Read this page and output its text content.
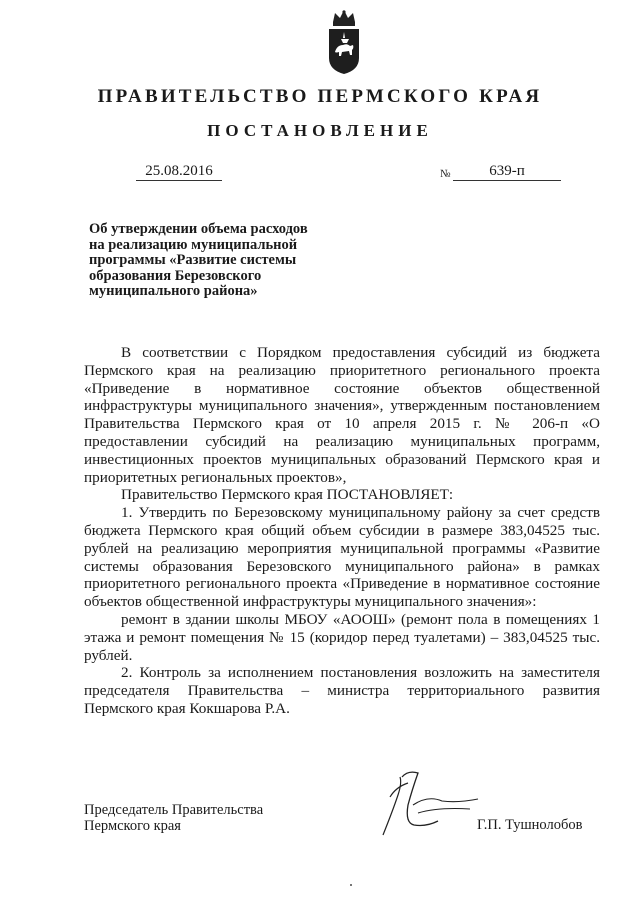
ПРАВИТЕЛЬСТВО ПЕРМСКОГО КРАЯ
ПОСТАНОВЛЕНИЕ
25.08.2016	№	639-п
Об утверждении объема расходов
на реализацию муниципальной
программы «Развитие системы
образования Березовского
муниципального района»

В соответствии с Порядком предоставления субсидий из бюджета Пермского края на реализацию приоритетного регионального проекта «Приведение в нормативное состояние объектов общественной инфраструктуры муниципального значения», утвержденным постановлением Правительства Пермского края от 10 апреля 2015 г. № 206-п «О предоставлении субсидий на реализацию муниципальных программ, инвестиционных проектов муниципальных образований Пермского края и приоритетных региональных проектов»,

Правительство Пермского края ПОСТАНОВЛЯЕТ:

1. Утвердить по Березовскому муниципальному району за счет средств бюджета Пермского края общий объем субсидии в размере 383,04525 тыс. рублей на реализацию мероприятия муниципальной программы «Развитие системы образования Березовского муниципального района» в рамках приоритетного регионального проекта «Приведение в нормативное состояние объектов общественной инфраструктуры муниципального значения»:

ремонт в здании школы МБОУ «АООШ» (ремонт пола в помещениях 1 этажа и ремонт помещения № 15 (коридор перед туалетами) – 383,04525 тыс. рублей.

2. Контроль за исполнением постановления возложить на заместителя председателя Правительства – министра территориального развития Пермского края Кокшарова Р.А.

Председатель Правительства
Пермского края	Г.П. Тушнолобов
